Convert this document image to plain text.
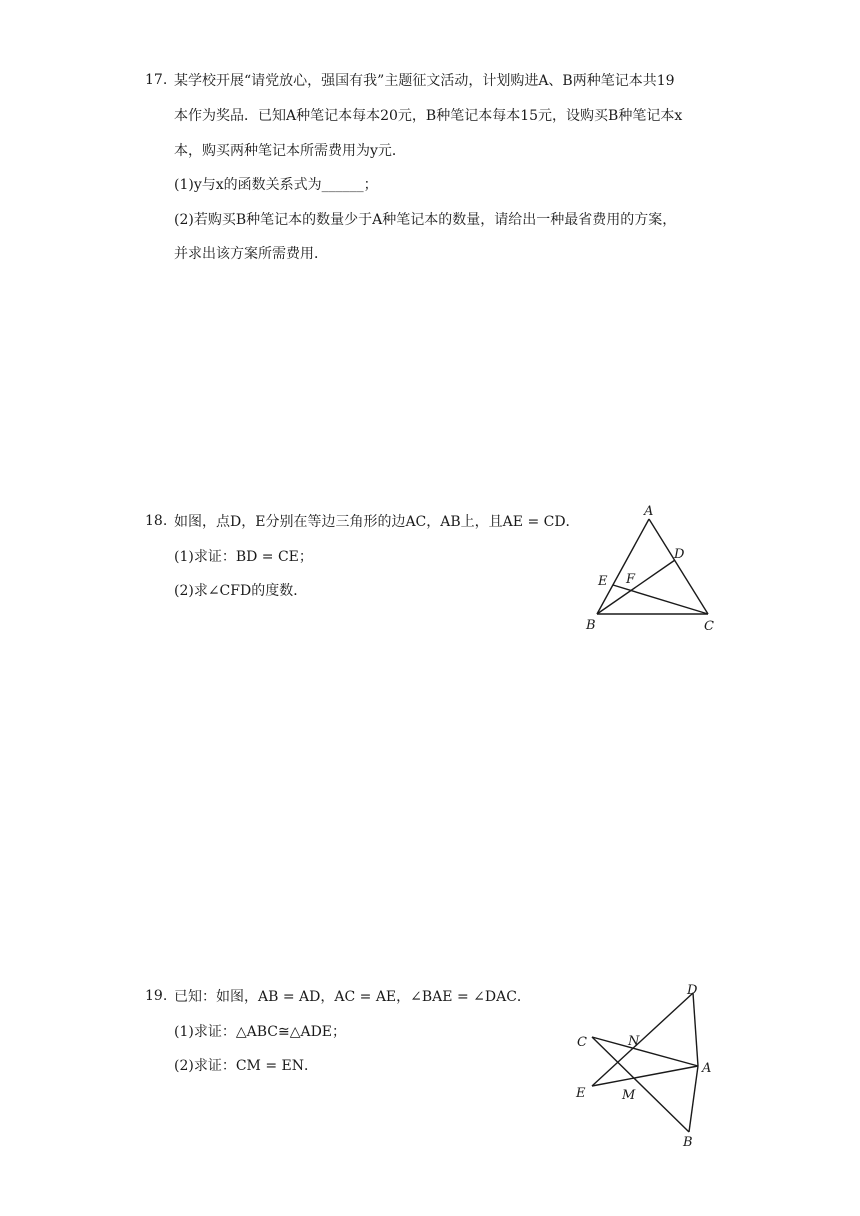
17. 某学校开展“请党放心，强国有我”主题征文活动，计划购进A、B两种笔记本共19
本作为奖品．已知A种笔记本每本20元，B种笔记本每本15元，设购买B种笔记本x
本，购买两种笔记本所需费用为y元．
(1)y与x的函数关系式为______；
(2)若购买B种笔记本的数量少于A种笔记本的数量，请给出一种最省费用的方案，
并求出该方案所需费用．
18. 如图，点D，E分别在等边三角形的边AC，AB上，且AE = CD．
(1)求证：BD = CE；
(2)求∠CFD的度数．
A
B	C
D
E F
19. 已知：如图，AB = AD，AC = AE，∠BAE = ∠DAC．
(1)求证：△ABC≅△ADE；
(2)求证：CM = EN．
D
C	N
A
E	M
B
